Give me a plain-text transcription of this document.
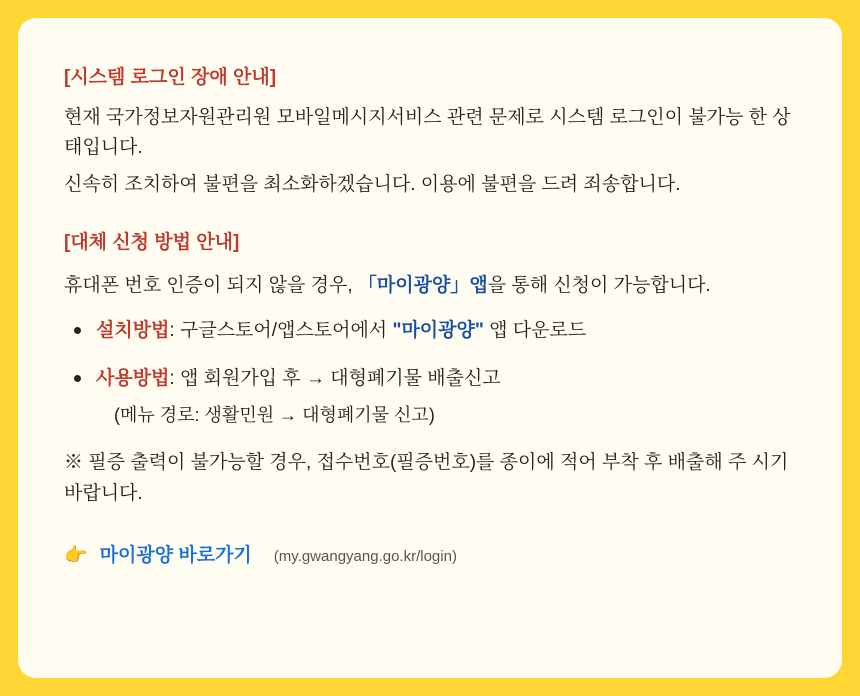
[시스템 로그인 장애 안내]

현재 국가정보자원관리원 모바일메시지서비스 관련 문제로 시스템 로그인이 불가능 한 상태입니다.

신속히 조치하여 불편을 최소화하겠습니다. 이용에 불편을 드려 죄송합니다.

[대체 신청 방법 안내]

휴대폰 번호 인증이 되지 않을 경우, 「마이광양」앱을 통해 신청이 가능합니다.

설치방법: 구글스토어/앱스토어에서 "마이광양" 앱 다운로드
사용방법: 앱 회원가입 후 → 대형폐기물 배출신고
(메뉴 경로: 생활민원 → 대형폐기물 신고)

※ 필증 출력이 불가능할 경우, 접수번호(필증번호)를 종이에 적어 부착 후 배출해 주 시기 바랍니다.

👉 마이광양 바로가기 (my.gwangyang.go.kr/login)
